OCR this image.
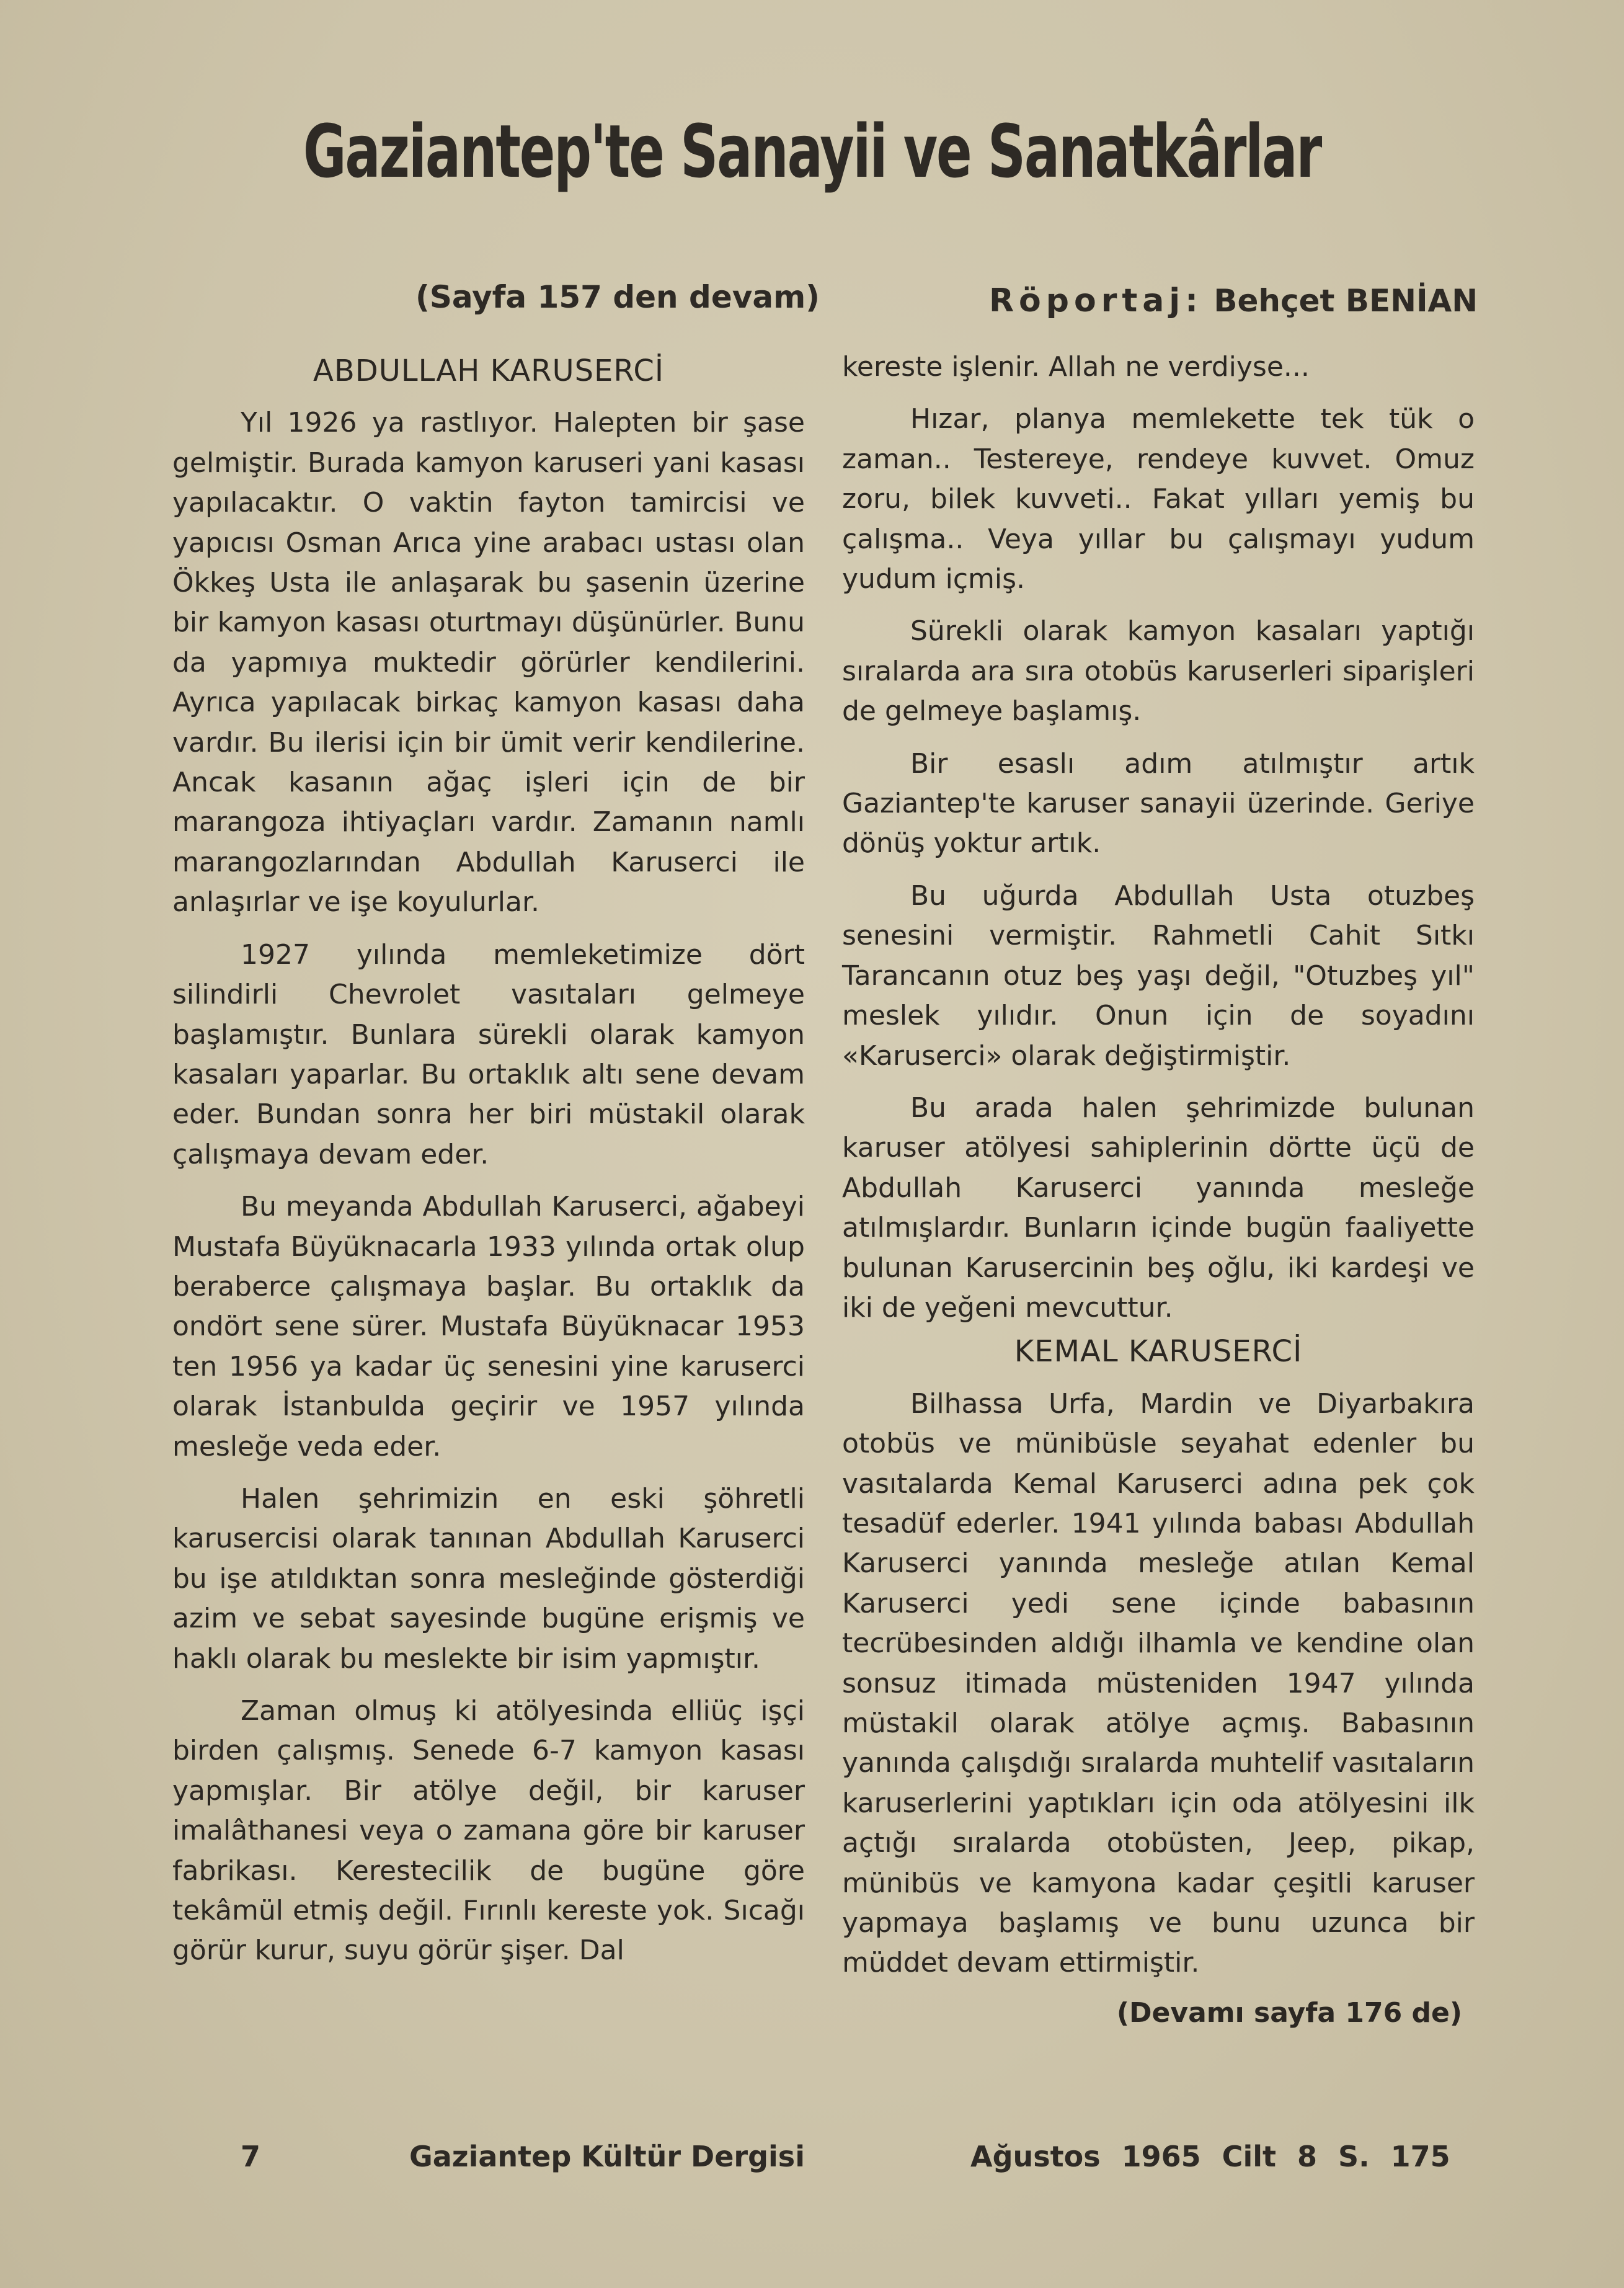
Gaziantep'te Sanayii ve Sanatkârlar
(Sayfa 157 den devam)	Röportaj: Behçet BENİAN

ABDULLAH KARUSERCİ

Yıl 1926 ya rastlıyor. Halepten bir şase gelmiştir. Burada kamyon karuseri yani kasası yapılacaktır. O vaktin fayton tamircisi ve yapıcısı Osman Arıca yine arabacı ustası olan Ökkeş Usta ile anlaşarak bu şasenin üzerine bir kamyon kasası oturtmayı düşünürler. Bunu da yapmıya muktedir görürler kendilerini. Ayrıca yapılacak birkaç kamyon kasası daha vardır. Bu ilerisi için bir ümit verir kendilerine. Ancak kasanın ağaç işleri için de bir marangoza ihtiyaçları vardır. Zamanın namlı marangozlarından Abdullah Karuserci ile anlaşırlar ve işe koyulurlar.

1927 yılında memleketimize dört silindirli Chevrolet vasıtaları gelmeye başlamıştır. Bunlara sürekli olarak kamyon kasaları yaparlar. Bu ortaklık altı sene devam eder. Bundan sonra her biri müstakil olarak çalışmaya devam eder.

Bu meyanda Abdullah Karuserci, ağabeyi Mustafa Büyüknacarla 1933 yılında ortak olup beraberce çalışmaya başlar. Bu ortaklık da ondört sene sürer. Mustafa Büyüknacar 1953 ten 1956 ya kadar üç senesini yine karuserci olarak İstanbulda geçirir ve 1957 yılında mesleğe veda eder.

Halen şehrimizin en eski şöhretli karusercisi olarak tanınan Abdullah Karuserci bu işe atıldıktan sonra mesleğinde gösterdiği azim ve sebat sayesinde bugüne erişmiş ve haklı olarak bu meslekte bir isim yapmıştır.

Zaman olmuş ki atölyesinda elliüç işçi birden çalışmış. Senede 6-7 kamyon kasası yapmışlar. Bir atölye değil, bir karuser imalâthanesi veya o zamana göre bir karuser fabrikası. Kerestecilik de bugüne göre tekâmül etmiş değil. Fırınlı kereste yok. Sıcağı görür kurur, suyu görür şişer. Dal

kereste işlenir. Allah ne verdiyse...

Hızar, planya memlekette tek tük o zaman.. Testereye, rendeye kuvvet. Omuz zoru, bilek kuvveti.. Fakat yılları yemiş bu çalışma.. Veya yıllar bu çalışmayı yudum yudum içmiş.

Sürekli olarak kamyon kasaları yaptığı sıralarda ara sıra otobüs karuserleri siparişleri de gelmeye başlamış.

Bir esaslı adım atılmıştır artık Gaziantep'te karuser sanayii üzerinde. Geriye dönüş yoktur artık.

Bu uğurda Abdullah Usta otuzbeş senesini vermiştir. Rahmetli Cahit Sıtkı Tarancanın otuz beş yaşı değil, "Otuzbeş yıl" meslek yılıdır. Onun için de soyadını «Karuserci» olarak değiştirmiştir.

Bu arada halen şehrimizde bulunan karuser atölyesi sahiplerinin dörtte üçü de Abdullah Karuserci yanında mesleğe atılmışlardır. Bunların içinde bugün faaliyette bulunan Karusercinin beş oğlu, iki kardeşi ve iki de yeğeni mevcuttur.

KEMAL KARUSERCİ

Bilhassa Urfa, Mardin ve Diyarbakıra otobüs ve münibüsle seyahat edenler bu vasıtalarda Kemal Karuserci adına pek çok tesadüf ederler. 1941 yılında babası Abdullah Karuserci yanında mesleğe atılan Kemal Karuserci yedi sene içinde babasının tecrübesinden aldığı ilhamla ve kendine olan sonsuz itimada müsteniden 1947 yılında müstakil olarak atölye açmış. Babasının yanında çalışdığı sıralarda muhtelif vasıtaların karuserlerini yaptıkları için oda atölyesini ilk açtığı sıralarda otobüsten, Jeep, pikap, münibüs ve kamyona kadar çeşitli karuser yapmaya başlamış ve bunu uzunca bir müddet devam ettirmiştir.

(Devamı sayfa 176 de)

7	Gaziantep Kültür Dergisi	Ağustos 1965 Cilt 8 S. 175
